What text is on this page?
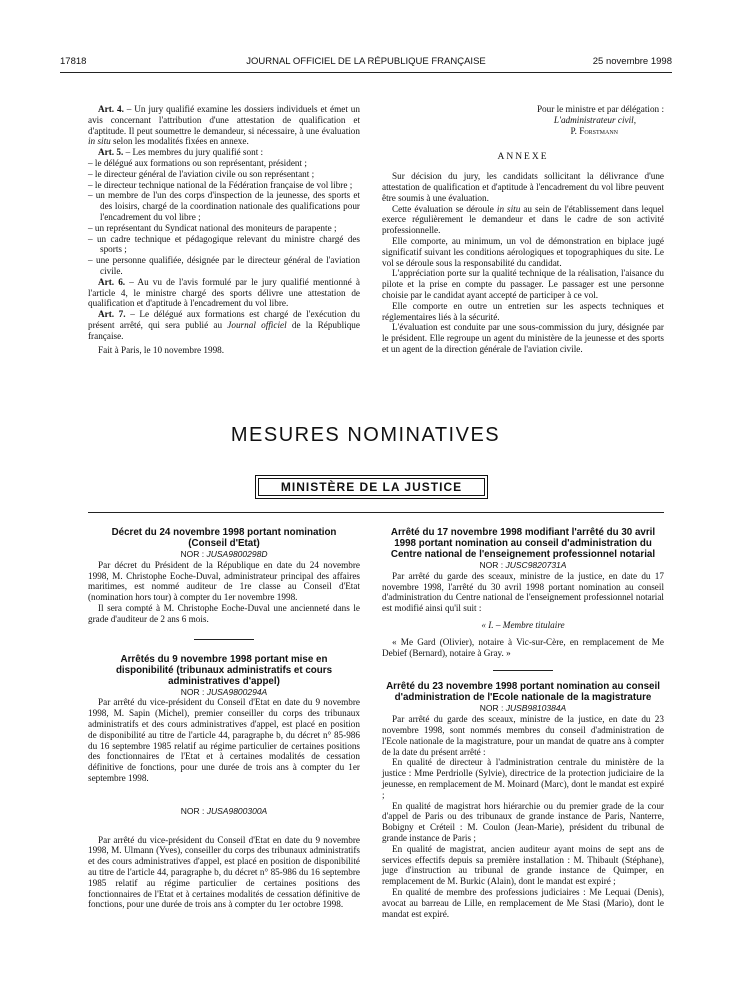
17818	JOURNAL OFFICIEL DE LA RÉPUBLIQUE FRANÇAISE	25 novembre 1998

Art. 4. – Un jury qualifié examine les dossiers individuels et émet un avis concernant l'attribution d'une attestation de qualification et d'aptitude. Il peut soumettre le demandeur, si nécessaire, à une évaluation in situ selon les modalités fixées en annexe.

Art. 5. – Les membres du jury qualifié sont :

– le délégué aux formations ou son représentant, président ;

– le directeur général de l'aviation civile ou son représentant ;

– le directeur technique national de la Fédération française de vol libre ;

– un membre de l'un des corps d'inspection de la jeunesse, des sports et des loisirs, chargé de la coordination nationale des qualifications pour l'encadrement du vol libre ;

– un représentant du Syndicat national des moniteurs de parapente ;

– un cadre technique et pédagogique relevant du ministre chargé des sports ;

– une personne qualifiée, désignée par le directeur général de l'aviation civile.

Art. 6. – Au vu de l'avis formulé par le jury qualifié mentionné à l'article 4, le ministre chargé des sports délivre une attestation de qualification et d'aptitude à l'encadrement du vol libre.

Art. 7. – Le délégué aux formations est chargé de l'exécution du présent arrêté, qui sera publié au Journal officiel de la République française.

Fait à Paris, le 10 novembre 1998.

Pour le ministre et par délégation :

L'administrateur civil,

P. Forstmann

ANNEXE

Sur décision du jury, les candidats sollicitant la délivrance d'une attestation de qualification et d'aptitude à l'encadrement du vol libre peuvent être soumis à une évaluation.

Cette évaluation se déroule in situ au sein de l'établissement dans lequel exerce régulièrement le demandeur et dans le cadre de son activité professionnelle.

Elle comporte, au minimum, un vol de démonstration en biplace jugé significatif suivant les conditions aérologiques et topographiques du site. Le vol se déroule sous la responsabilité du candidat.

L'appréciation porte sur la qualité technique de la réalisation, l'aisance du pilote et la prise en compte du passager. Le passager est une personne choisie par le candidat ayant accepté de participer à ce vol.

Elle comporte en outre un entretien sur les aspects techniques et réglementaires liés à la sécurité.

L'évaluation est conduite par une sous-commission du jury, désignée par le président. Elle regroupe un agent du ministère de la jeunesse et des sports et un agent de la direction générale de l'aviation civile.

MESURES NOMINATIVES
MINISTÈRE DE LA JUSTICE

Décret du 24 novembre 1998 portant nomination (Conseil d'Etat)

NOR : JUSA9800298D

Par décret du Président de la République en date du 24 novembre 1998, M. Christophe Eoche-Duval, administrateur principal des affaires maritimes, est nommé auditeur de 1re classe au Conseil d'Etat (nomination hors tour) à compter du 1er novembre 1998.

Il sera compté à M. Christophe Eoche-Duval une ancienneté dans le grade d'auditeur de 2 ans 6 mois.

Arrêtés du 9 novembre 1998 portant mise en disponibilité (tribunaux administratifs et cours administratives d'appel)

NOR : JUSA9800294A

Par arrêté du vice-président du Conseil d'Etat en date du 9 novembre 1998, M. Sapin (Michel), premier conseiller du corps des tribunaux administratifs et des cours administratives d'appel, est placé en position de disponibilité au titre de l'article 44, paragraphe b, du décret n° 85-986 du 16 septembre 1985 relatif au régime particulier de certaines positions des fonctionnaires de l'Etat et à certaines modalités de cessation définitive de fonctions, pour une durée de trois ans à compter du 1er septembre 1998.

NOR : JUSA9800300A

Par arrêté du vice-président du Conseil d'Etat en date du 9 novembre 1998, M. Ulmann (Yves), conseiller du corps des tribunaux administratifs et des cours administratives d'appel, est placé en position de disponibilité au titre de l'article 44, paragraphe b, du décret n° 85-986 du 16 septembre 1985 relatif au régime particulier de certaines positions des fonctionnaires de l'Etat et à certaines modalités de cessation définitive de fonctions, pour une durée de trois ans à compter du 1er octobre 1998.

Arrêté du 17 novembre 1998 modifiant l'arrêté du 30 avril 1998 portant nomination au conseil d'administration du Centre national de l'enseignement professionnel notarial

NOR : JUSC9820731A

Par arrêté du garde des sceaux, ministre de la justice, en date du 17 novembre 1998, l'arrêté du 30 avril 1998 portant nomination au conseil d'administration du Centre national de l'enseignement professionnel notarial est modifié ainsi qu'il suit :

« I. – Membre titulaire

« Me Gard (Olivier), notaire à Vic-sur-Cère, en remplacement de Me Debief (Bernard), notaire à Gray. »

Arrêté du 23 novembre 1998 portant nomination au conseil d'administration de l'Ecole nationale de la magistrature

NOR : JUSB9810384A

Par arrêté du garde des sceaux, ministre de la justice, en date du 23 novembre 1998, sont nommés membres du conseil d'administration de l'Ecole nationale de la magistrature, pour un mandat de quatre ans à compter de la date du présent arrêté :

En qualité de directeur à l'administration centrale du ministère de la justice : Mme Perdriolle (Sylvie), directrice de la protection judiciaire de la jeunesse, en remplacement de M. Moinard (Marc), dont le mandat est expiré ;

En qualité de magistrat hors hiérarchie ou du premier grade de la cour d'appel de Paris ou des tribunaux de grande instance de Paris, Nanterre, Bobigny et Créteil : M. Coulon (Jean-Marie), président du tribunal de grande instance de Paris ;

En qualité de magistrat, ancien auditeur ayant moins de sept ans de services effectifs depuis sa première installation : M. Thibault (Stéphane), juge d'instruction au tribunal de grande instance de Quimper, en remplacement de M. Burkic (Alain), dont le mandat est expiré ;

En qualité de membre des professions judiciaires : Me Lequai (Denis), avocat au barreau de Lille, en remplacement de Me Stasi (Mario), dont le mandat est expiré.
